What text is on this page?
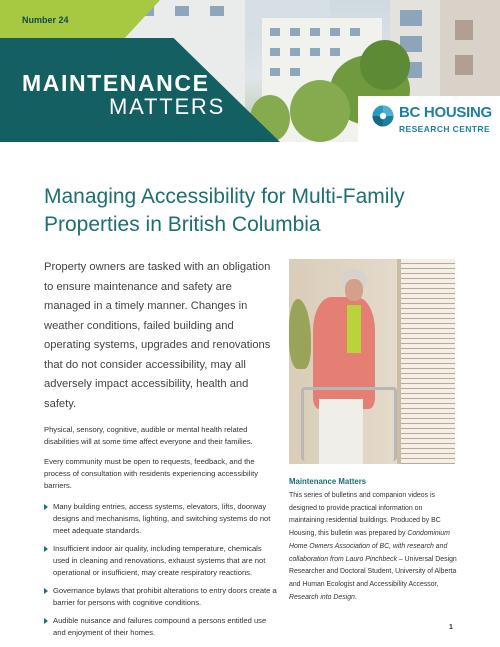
Number 24
MAINTENANCE
MATTERS	BC HOUSING
RESEARCH CENTRE
Managing Accessibility for Multi-Family Properties in British Columbia

Property owners are tasked with an obligation to ensure maintenance and safety are managed in a timely manner. Changes in weather conditions, failed building and operating systems, upgrades and renovations that do not consider accessibility, may all adversely impact accessibility, health and safety.

Physical, sensory, cognitive, audible or mental health related disabilities will at some time affect everyone and their families.

Every community must be open to requests, feedback, and the process of consultation with residents experiencing accessibility barriers.

Many building entries, access systems, elevators, lifts, doorway designs and mechanisms, lighting, and switching systems do not meet adequate standards.
Insufficient indoor air quality, including temperature, chemicals used in cleaning and renovations, exhaust systems that are not operational or insufficient, may create respiratory reactions.
Governance bylaws that prohibit alterations to entry doors create a barrier for persons with cognitive conditions.
Audible nuisance and failures compound a persons entitled use and enjoyment of their homes.
Maintenance Matters

This series of bulletins and companion videos is designed to provide practical information on maintaining residential buildings. Produced by BC Housing, this bulletin was prepared by Condominium Home Owners Association of BC, with research and collaboration from Lauro Pinchbeck – Universal Design Researcher and Doctoral Student, University of Alberta and Human Ecologist and Accessibility Accessor, Research into Design.

1
